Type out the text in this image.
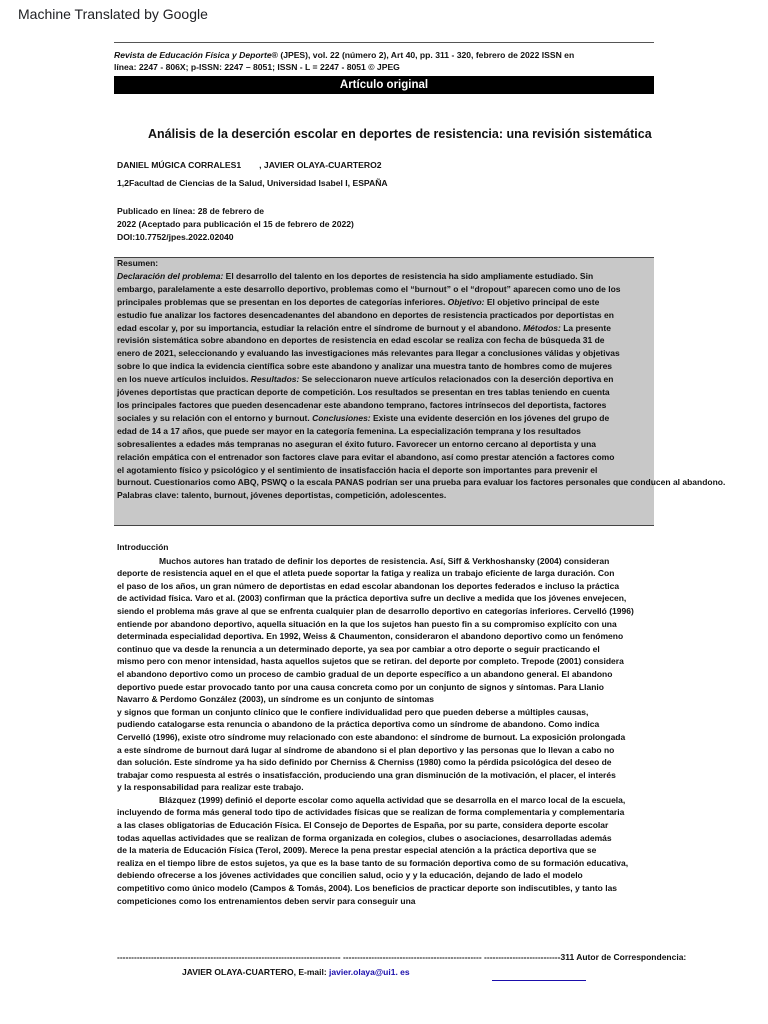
Machine Translated by Google
Revista de Educación Física y Deporte® (JPES), vol. 22 (número 2), Art 40, pp. 311 - 320, febrero de 2022 ISSN en
línea: 2247 - 806X; p-ISSN: 2247 – 8051; ISSN - L = 2247 - 8051 © JPEG
Artículo original
Análisis de la deserción escolar en deportes de resistencia: una revisión sistemática
DANIEL MÚGICA CORRALES1 , JAVIER OLAYA-CUARTERO2
1,2Facultad de Ciencias de la Salud, Universidad Isabel I, ESPAÑA
Publicado en línea: 28 de febrero de
2022 (Aceptado para publicación el 15 de febrero de 2022)
DOI:10.7752/jpes.2022.02040
Resumen:
Declaración del problema: El desarrollo del talento en los deportes de resistencia ha sido ampliamente estudiado. Sin
embargo, paralelamente a este desarrollo deportivo, problemas como el “burnout” o el “dropout” aparecen como uno de los
principales problemas que se presentan en los deportes de categorías inferiores. Objetivo: El objetivo principal de este
estudio fue analizar los factores desencadenantes del abandono en deportes de resistencia practicados por deportistas en
edad escolar y, por su importancia, estudiar la relación entre el síndrome de burnout y el abandono. Métodos: La presente
revisión sistemática sobre abandono en deportes de resistencia en edad escolar se realiza con fecha de búsqueda 31 de
enero de 2021, seleccionando y evaluando las investigaciones más relevantes para llegar a conclusiones válidas y objetivas
sobre lo que indica la evidencia científica sobre este abandono y analizar una muestra tanto de hombres como de mujeres
en los nueve artículos incluidos. Resultados: Se seleccionaron nueve artículos relacionados con la deserción deportiva en
jóvenes deportistas que practican deporte de competición. Los resultados se presentan en tres tablas teniendo en cuenta
los principales factores que pueden desencadenar este abandono temprano, factores intrínsecos del deportista, factores
sociales y su relación con el entorno y burnout. Conclusiones: Existe una evidente deserción en los jóvenes del grupo de
edad de 14 a 17 años, que puede ser mayor en la categoría femenina. La especialización temprana y los resultados
sobresalientes a edades más tempranas no aseguran el éxito futuro. Favorecer un entorno cercano al deportista y una
relación empática con el entrenador son factores clave para evitar el abandono, así como prestar atención a factores como
el agotamiento físico y psicológico y el sentimiento de insatisfacción hacia el deporte son importantes para prevenir el
burnout. Cuestionarios como ABQ, PSWQ o la escala PANAS podrían ser una prueba para evaluar los factores personales que conducen al abandono.
Palabras clave: talento, burnout, jóvenes deportistas, competición, adolescentes.
Introducción
Muchos autores han tratado de definir los deportes de resistencia. Así, Siff & Verkhoshansky (2004) consideran
deporte de resistencia aquel en el que el atleta puede soportar la fatiga y realiza un trabajo eficiente de larga duración. Con
el paso de los años, un gran número de deportistas en edad escolar abandonan los deportes federados e incluso la práctica
de actividad física. Varo et al. (2003) confirman que la práctica deportiva sufre un declive a medida que los jóvenes envejecen,
siendo el problema más grave al que se enfrenta cualquier plan de desarrollo deportivo en categorías inferiores. Cervelló (1996)
entiende por abandono deportivo, aquella situación en la que los sujetos han puesto fin a su compromiso explícito con una
determinada especialidad deportiva. En 1992, Weiss & Chaumenton, consideraron el abandono deportivo como un fenómeno
continuo que va desde la renuncia a un determinado deporte, ya sea por cambiar a otro deporte o seguir practicando el
mismo pero con menor intensidad, hasta aquellos sujetos que se retiran. del deporte por completo. Trepode (2001) considera
el abandono deportivo como un proceso de cambio gradual de un deporte específico a un abandono general. El abandono
deportivo puede estar provocado tanto por una causa concreta como por un conjunto de signos y síntomas. Para Llanio
Navarro & Perdomo González (2003), un síndrome es un conjunto de síntomas
y signos que forman un conjunto clínico que le confiere individualidad pero que pueden deberse a múltiples causas,
pudiendo catalogarse esta renuncia o abandono de la práctica deportiva como un síndrome de abandono. Como indica
Cervelló (1996), existe otro síndrome muy relacionado con este abandono: el síndrome de burnout. La exposición prolongada
a este síndrome de burnout dará lugar al síndrome de abandono si el plan deportivo y las personas que lo llevan a cabo no
dan solución. Este síndrome ya ha sido definido por Cherniss & Cherniss (1980) como la pérdida psicológica del deseo de
trabajar como respuesta al estrés o insatisfacción, produciendo una gran disminución de la motivación, el placer, el interés
y la responsabilidad para realizar este trabajo.
Blázquez (1999) definió el deporte escolar como aquella actividad que se desarrolla en el marco local de la escuela,
incluyendo de forma más general todo tipo de actividades físicas que se realizan de forma complementaria y complementaria
a las clases obligatorias de Educación Física. El Consejo de Deportes de España, por su parte, considera deporte escolar
todas aquellas actividades que se realizan de forma organizada en colegios, clubes o asociaciones, desarrolladas además
de la materia de Educación Física (Terol, 2009). Merece la pena prestar especial atención a la práctica deportiva que se
realiza en el tiempo libre de estos sujetos, ya que es la base tanto de su formación deportiva como de su formación educativa,
debiendo ofrecerse a los jóvenes actividades que concilien salud, ocio y y la educación, dejando de lado el modelo
competitivo como único modelo (Campos & Tomás, 2004). Los beneficios de practicar deporte son indiscutibles, y tanto las
competiciones como los entrenamientos deben servir para conseguir una
------------------------------------------------------------------------------- ------------------------------------------------- ---------------------------311 Autor de Correspondencia:
JAVIER OLAYA-CUARTERO, E-mail: javier.olaya@ui1. es
